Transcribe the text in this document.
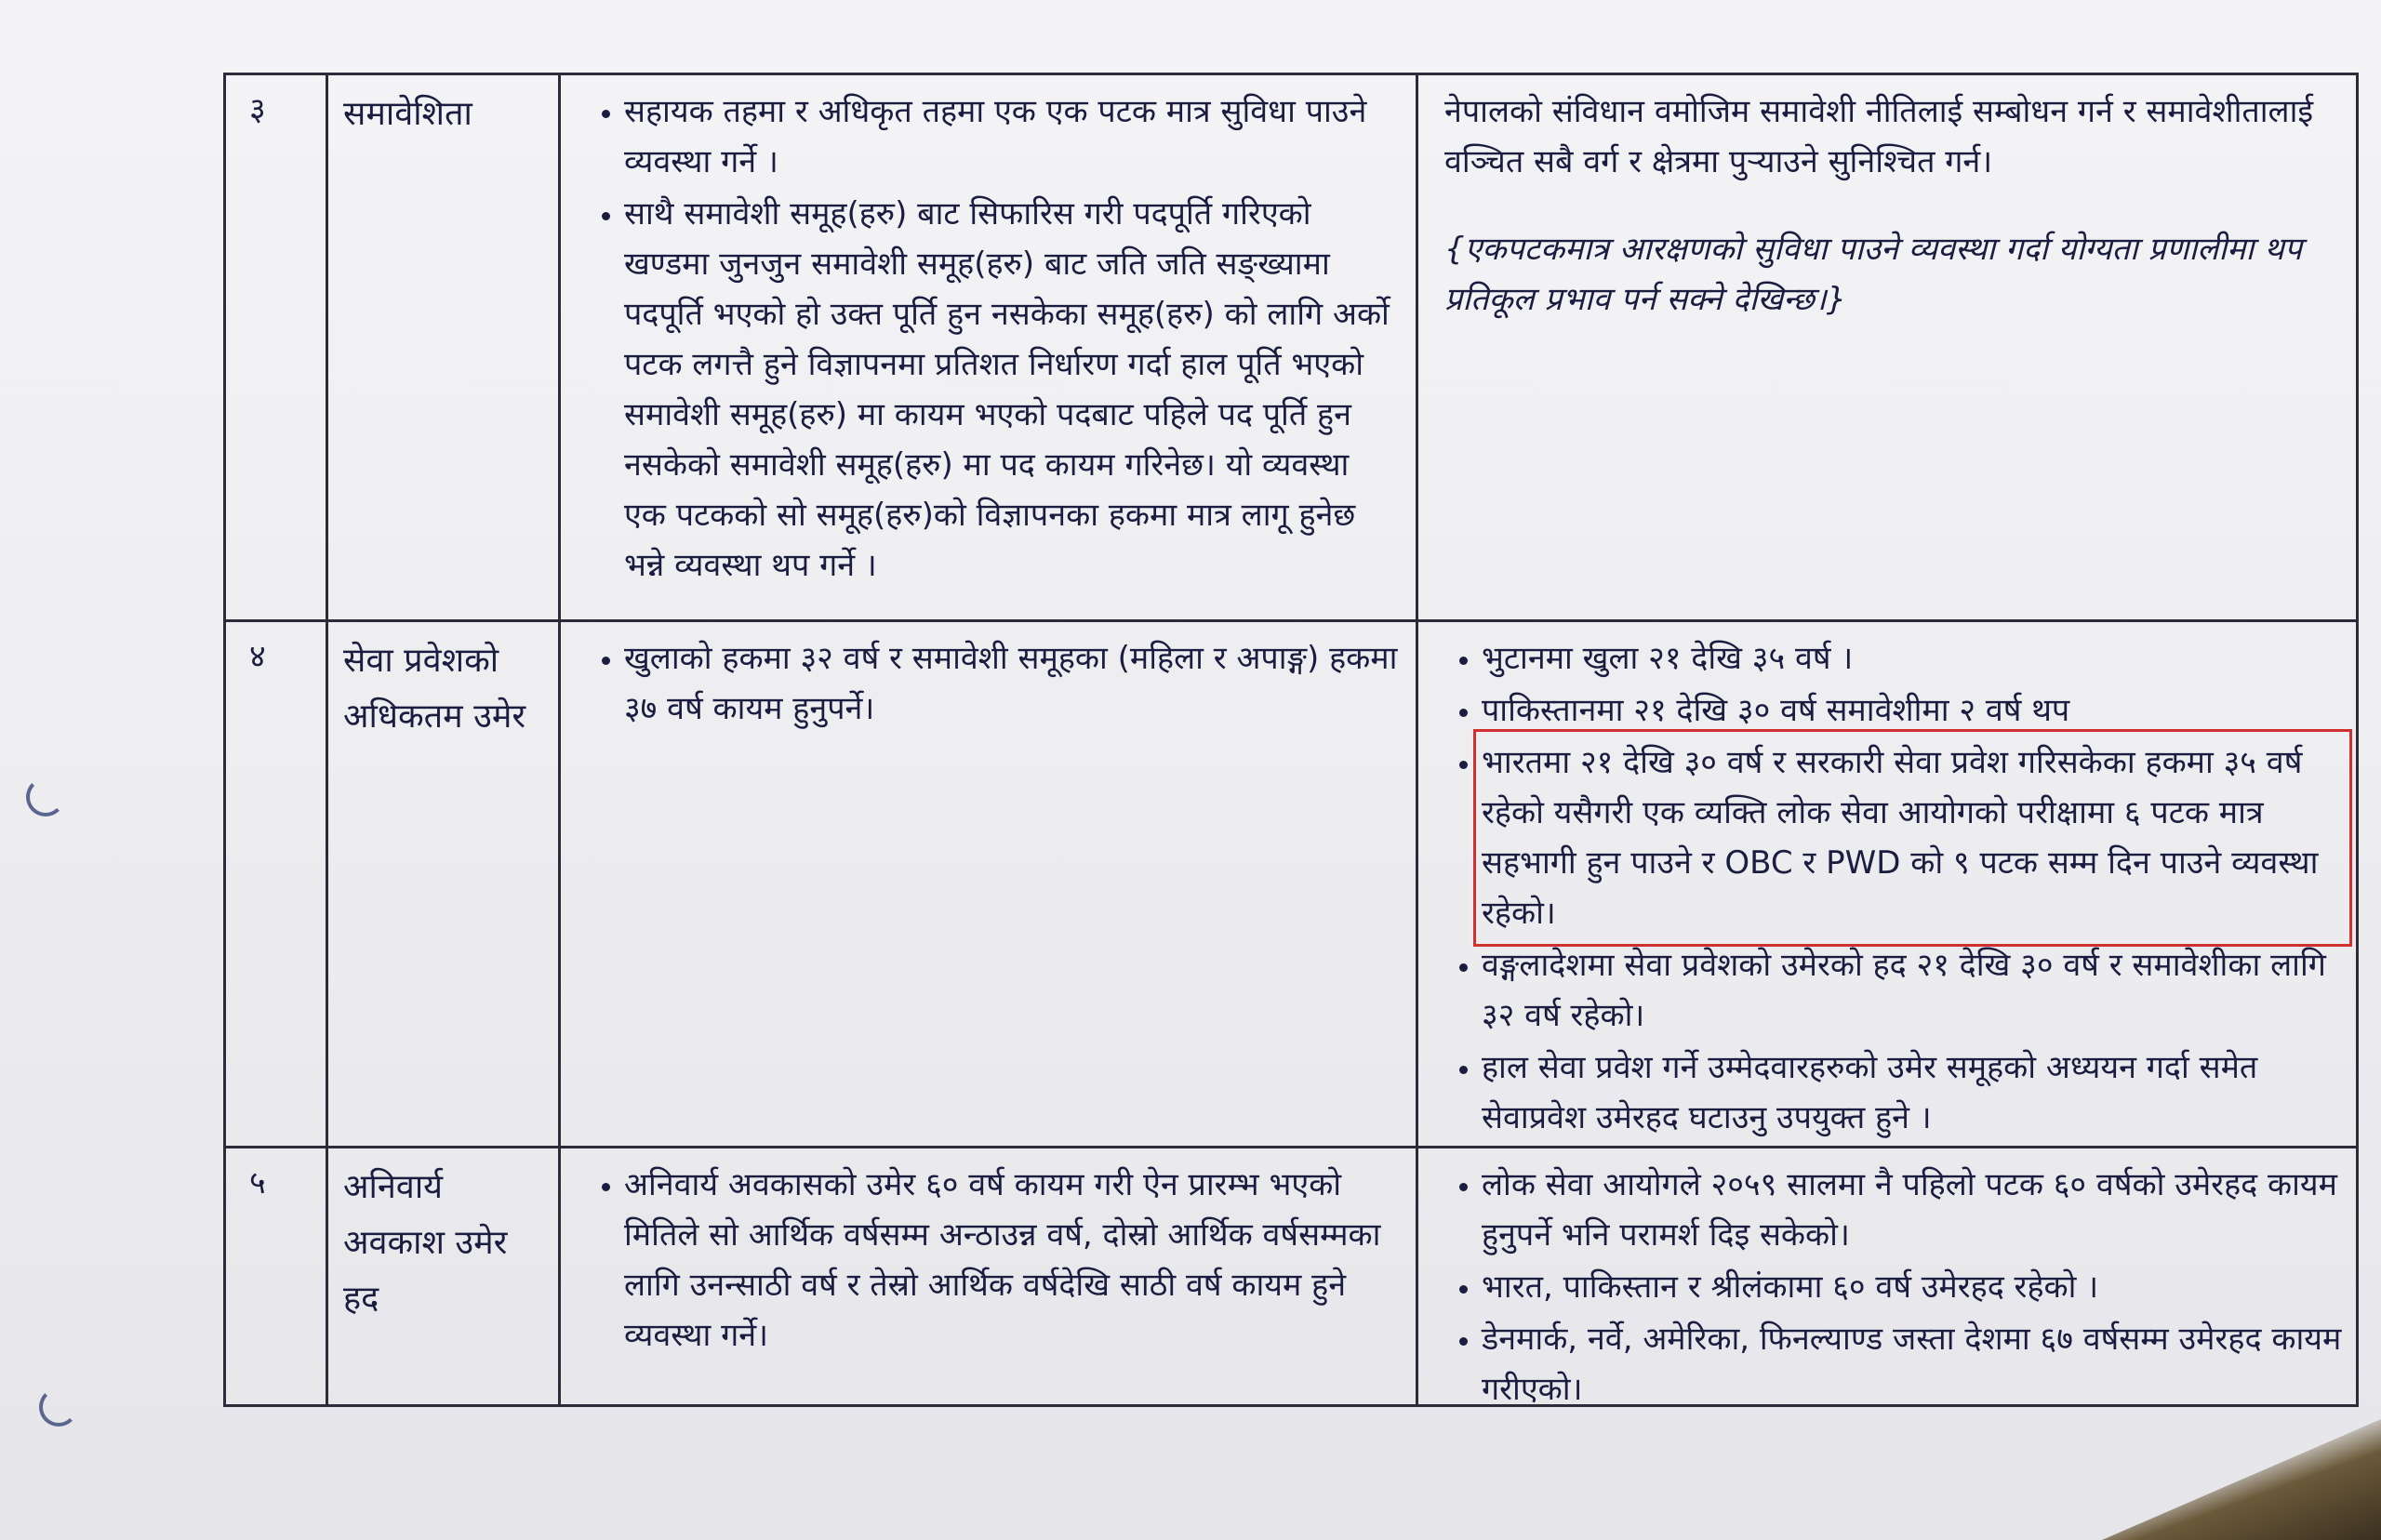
३	समावेशिता
•	सहायक तहमा र अधिकृत तहमा एक एक पटक मात्र सुविधा पाउने व्यवस्था गर्ने ।
• साथै समावेशी समूह(हरु) बाट सिफारिस गरी पदपूर्ति गरिएको खण्डमा जुनजुन समावेशी समूह(हरु) बाट जति जति सङ्ख्यामा पदपूर्ति भएको हो उक्त पूर्ति हुन नसकेका समूह(हरु) को लागि अर्को पटक लगत्तै हुने विज्ञापनमा प्रतिशत निर्धारण गर्दा हाल पूर्ति भएको समावेशी समूह(हरु) मा कायम भएको पदबाट पहिले पद पूर्ति हुन नसकेको समावेशी समूह(हरु) मा पद कायम गरिनेछ। यो व्यवस्था एक पटकको सो समूह(हरु)को विज्ञापनका हकमा मात्र लागू हुनेछ भन्ने व्यवस्था थप गर्ने ।

नेपालको संविधान वमोजिम समावेशी नीतिलाई सम्बोधन गर्न र समावेशीतालाई वञ्चित सबै वर्ग र क्षेत्रमा पुऱ्याउने सुनिश्चित गर्न।

{एकपटकमात्र आरक्षणको सुविधा पाउने व्यवस्था गर्दा योग्यता प्रणालीमा थप प्रतिकूल प्रभाव पर्न सक्ने देखिन्छ।}

४	सेवा प्रवेशको अधिकतम उमेर
• खुलाको हकमा ३२ वर्ष र समावेशी समूहका (महिला र अपाङ्ग) हकमा ३७ वर्ष कायम हुनुपर्ने।
• भुटानमा खुला २१ देखि ३५ वर्ष ।
• पाकिस्तानमा २१ देखि ३० वर्ष समावेशीमा २ वर्ष थप
• भारतमा २१ देखि ३० वर्ष र सरकारी सेवा प्रवेश गरिसकेका हकमा ३५ वर्ष रहेको यसैगरी एक व्यक्ति लोक सेवा आयोगको परीक्षामा ६ पटक मात्र सहभागी हुन पाउने र OBC र PWD को ९ पटक सम्म दिन पाउने व्यवस्था रहेको।
• वङ्गलादेशमा सेवा प्रवेशको उमेरको हद २१ देखि ३० वर्ष र समावेशीका लागि ३२ वर्ष रहेको।
• हाल सेवा प्रवेश गर्ने उम्मेदवारहरुको उमेर समूहको अध्ययन गर्दा समेत सेवाप्रवेश उमेरहद घटाउनु उपयुक्त हुने ।
५	अनिवार्य अवकाश उमेर हद
• अनिवार्य अवकासको उमेर ६० वर्ष कायम गरी ऐन प्रारम्भ भएको मितिले सो आर्थिक वर्षसम्म अन्ठाउन्न वर्ष, दोस्रो आर्थिक वर्षसम्मका लागि उनन्साठी वर्ष र तेस्रो आर्थिक वर्षदेखि साठी वर्ष कायम हुने व्यवस्था गर्ने।
• लोक सेवा आयोगले २०५९ सालमा नै पहिलो पटक ६० वर्षको उमेरहद कायम हुनुपर्ने भनि परामर्श दिइ सकेको।
• भारत, पाकिस्तान र श्रीलंकामा ६० वर्ष उमेरहद रहेको ।
• डेनमार्क, नर्वे, अमेरिका, फिनल्याण्ड जस्ता देशमा ६७ वर्षसम्म उमेरहद कायम गरीएको।
